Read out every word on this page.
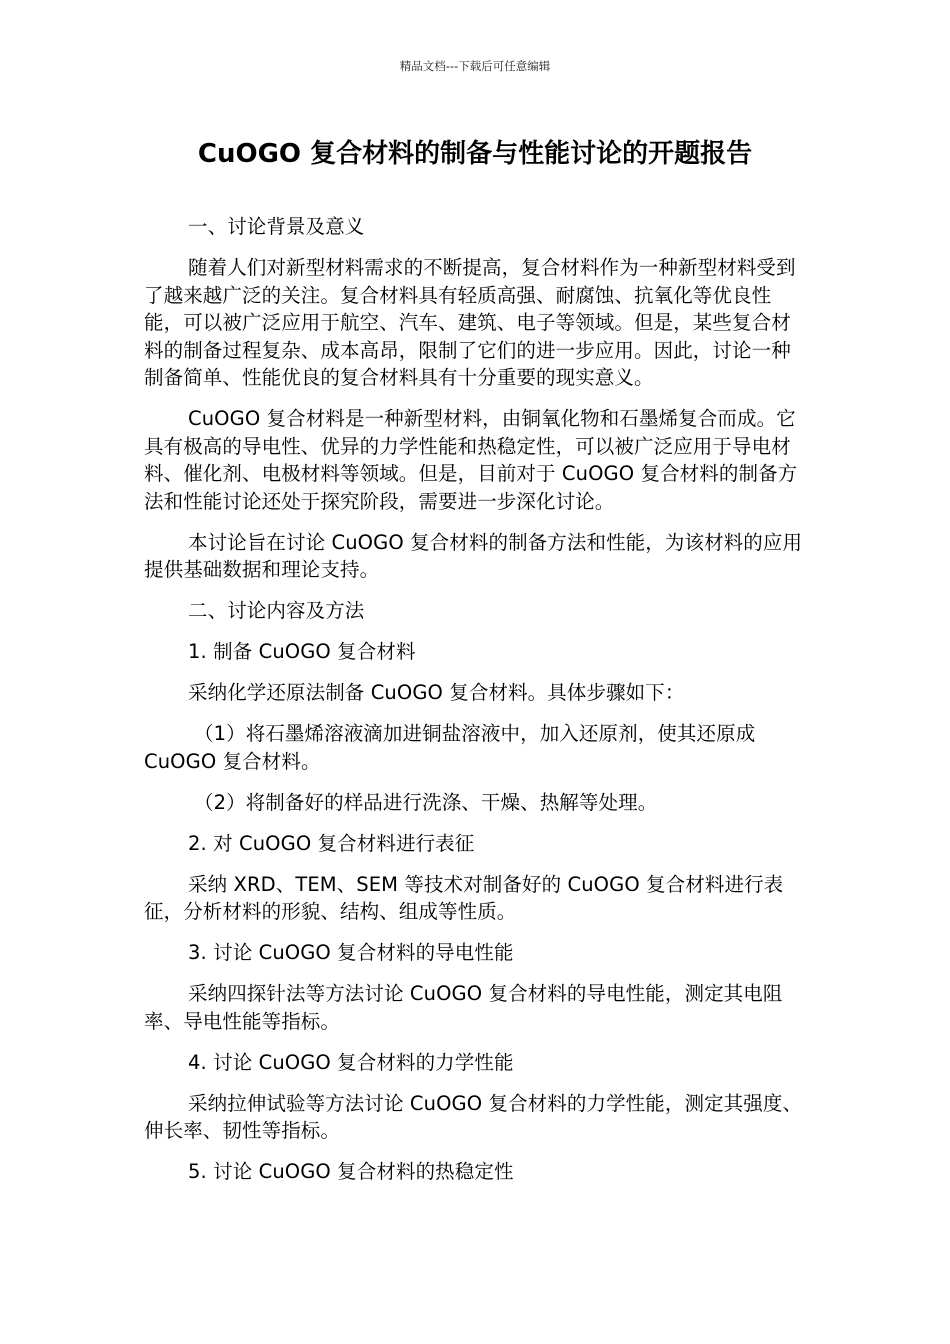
精品文档---下载后可任意编辑
CuOGO 复合材料的制备与性能讨论的开题报告

一、讨论背景及意义

随着人们对新型材料需求的不断提高，复合材料作为一种新型材料受到了越来越广泛的关注。复合材料具有轻质高强、耐腐蚀、抗氧化等优良性能，可以被广泛应用于航空、汽车、建筑、电子等领域。但是，某些复合材料的制备过程复杂、成本高昂，限制了它们的进一步应用。因此，讨论一种制备简单、性能优良的复合材料具有十分重要的现实意义。

CuOGO 复合材料是一种新型材料，由铜氧化物和石墨烯复合而成。它具有极高的导电性、优异的力学性能和热稳定性，可以被广泛应用于导电材料、催化剂、电极材料等领域。但是，目前对于 CuOGO 复合材料的制备方法和性能讨论还处于探究阶段，需要进一步深化讨论。

本讨论旨在讨论 CuOGO 复合材料的制备方法和性能，为该材料的应用提供基础数据和理论支持。

二、讨论内容及方法

1. 制备 CuOGO 复合材料

采纳化学还原法制备 CuOGO 复合材料。具体步骤如下：

（1）将石墨烯溶液滴加进铜盐溶液中，加入还原剂，使其还原成 CuOGO 复合材料。

（2）将制备好的样品进行洗涤、干燥、热解等处理。

2. 对 CuOGO 复合材料进行表征

采纳 XRD、TEM、SEM 等技术对制备好的 CuOGO 复合材料进行表征，分析材料的形貌、结构、组成等性质。

3. 讨论 CuOGO 复合材料的导电性能

采纳四探针法等方法讨论 CuOGO 复合材料的导电性能，测定其电阻率、导电性能等指标。

4. 讨论 CuOGO 复合材料的力学性能

采纳拉伸试验等方法讨论 CuOGO 复合材料的力学性能，测定其强度、伸长率、韧性等指标。

5. 讨论 CuOGO 复合材料的热稳定性
